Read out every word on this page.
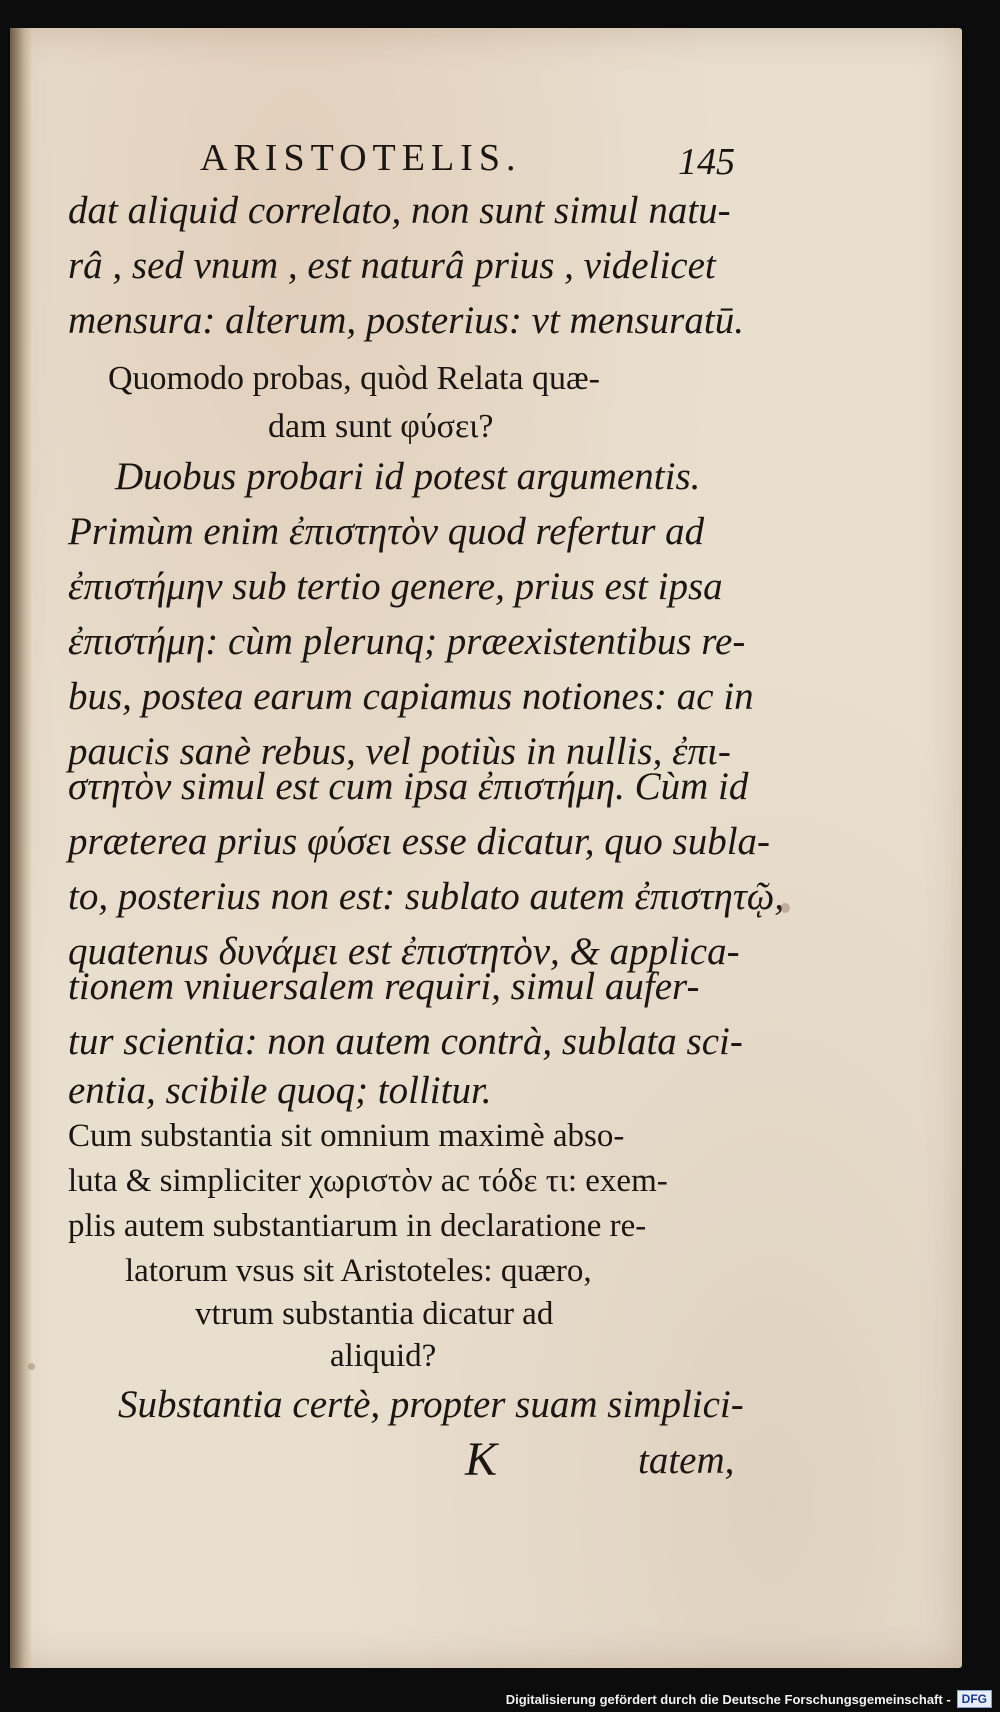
ARISTOTELIS.	145
dat aliquid correlato, non sunt simul natu-
râ , sed vnum , est naturâ prius , videlicet
mensura: alterum, posterius: vt mensuratū.
Quomodo probas, quòd Relata quæ-
dam sunt φύσει?
Duobus probari id potest argumentis.
Primùm enim ἐπιστητὸν quod refertur ad
ἐπιστήμην sub tertio genere, prius est ipsa
ἐπιστήμη: cùm plerunq; præexistentibus re-
bus, postea earum capiamus notiones: ac in
paucis sanè rebus, vel potiùs in nullis, ἐπι-
στητὸν simul est cum ipsa ἐπιστήμη. Cùm id
præterea prius φύσει esse dicatur, quo subla-
to, posterius non est: sublato autem ἐπιστητῷ,
quatenus δυνάμει est ἐπιστητὸν, & applica-
tionem vniuersalem requiri, simul aufer-
tur scientia: non autem contrà, sublata sci-
entia, scibile quoq; tollitur.
Cum substantia sit omnium maximè abso-
luta & simpliciter χωριστὸν ac τόδε τι: exem-
plis autem substantiarum in declaratione re-
latorum vsus sit Aristoteles: quæro,
vtrum substantia dicatur ad
aliquid?
Substantia certè, propter suam simplici-
K	tatem,
Digitalisierung gefördert durch die Deutsche Forschungsgemeinschaft - DFG
